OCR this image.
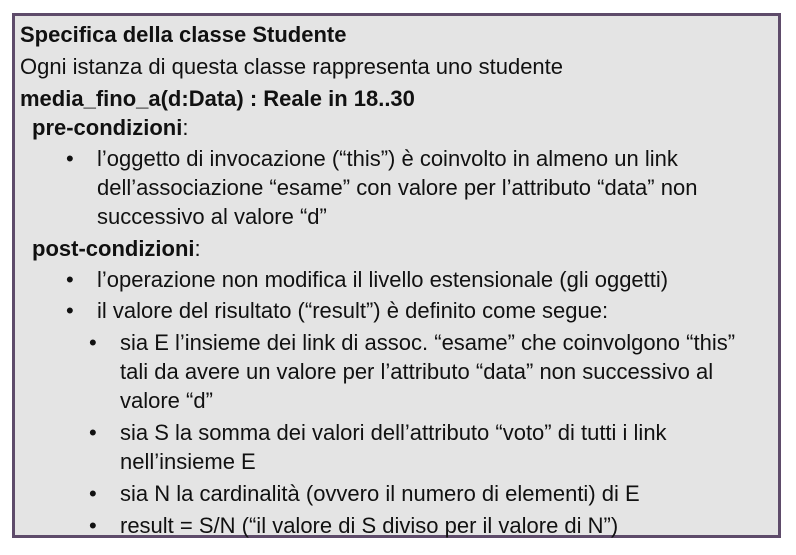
Specifica della classe Studente
Ogni istanza di questa classe rappresenta uno studente
media_fino_a(d:Data) : Reale in 18..30
pre-condizioni:
• l’oggetto di invocazione (“this”) è coinvolto in almeno un link
dell’associazione “esame” con valore per l’attributo “data” non
successivo al valore “d”
post-condizioni:
• l’operazione non modifica il livello estensionale (gli oggetti)
• il valore del risultato (“result”) è definito come segue:
• sia E l’insieme dei link di assoc. “esame” che coinvolgono “this”
tali da avere un valore per l’attributo “data” non successivo al
valore “d”
• sia S la somma dei valori dell’attributo “voto” di tutti i link
nell’insieme E
• sia N la cardinalità (ovvero il numero di elementi) di E
• result = S/N (“il valore di S diviso per il valore di N”)
